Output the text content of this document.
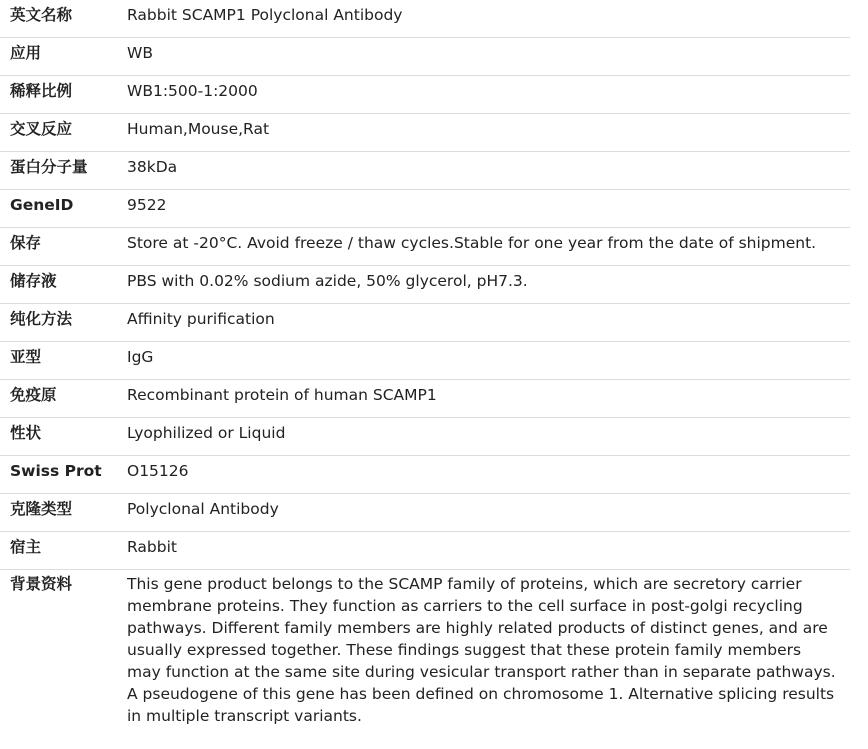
英文名称	Rabbit SCAMP1 Polyclonal Antibody
应用	WB
稀释比例	WB1:500-1:2000
交叉反应	Human,Mouse,Rat
蛋白分子量	38kDa
GeneID	9522
保存	Store at -20°C. Avoid freeze / thaw cycles.Stable for one year from the date of shipment.
储存液	PBS with 0.02% sodium azide, 50% glycerol, pH7.3.
纯化方法	Affinity purification
亚型	IgG
免疫原	Recombinant protein of human SCAMP1
性状	Lyophilized or Liquid
Swiss Prot	O15126
克隆类型	Polyclonal Antibody
宿主	Rabbit
背景资料	This gene product belongs to the SCAMP family of proteins, which are secretory carrier membrane proteins. They function as carriers to the cell surface in post-golgi recycling pathways. Different family members are highly related products of distinct genes, and are usually expressed together. These findings suggest that these protein family members may function at the same site during vesicular transport rather than in separate pathways. A pseudogene of this gene has been defined on chromosome 1. Alternative splicing results in multiple transcript variants.
